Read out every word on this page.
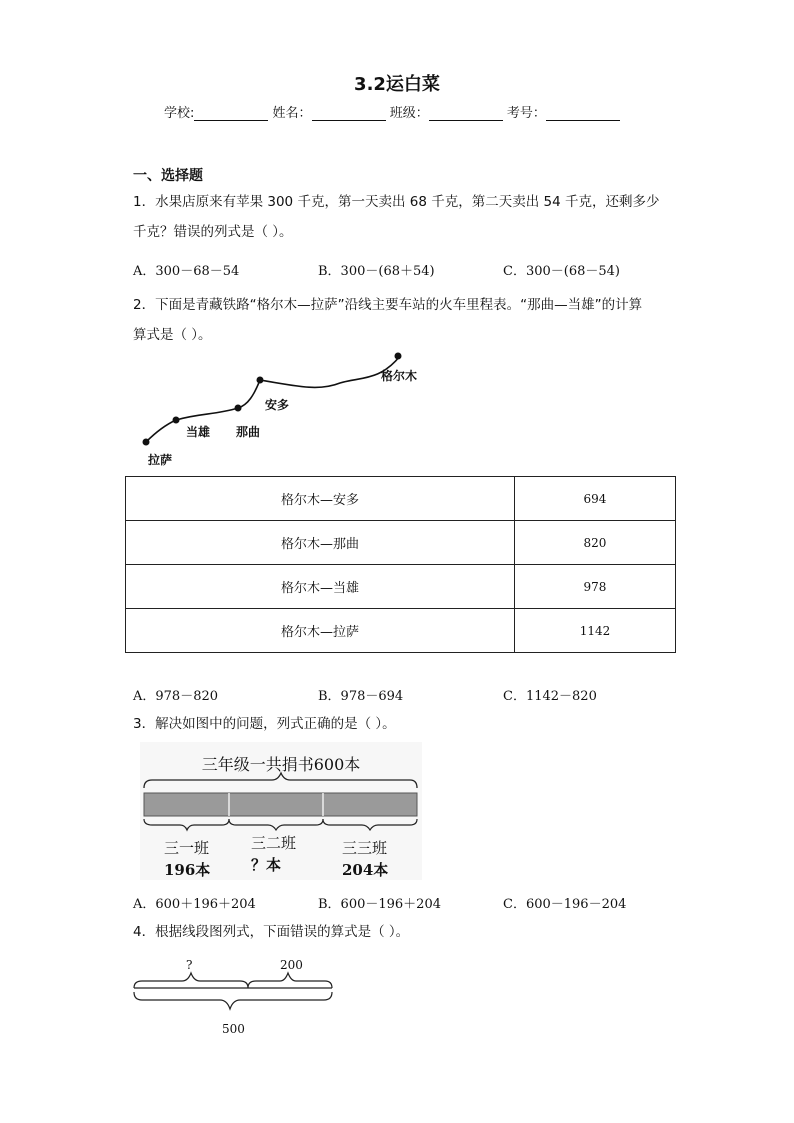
3.2运白菜
学校:	姓名：	班级：	考号：
一、选择题
1．水果店原来有苹果 300 千克，第一天卖出 68 千克，第二天卖出 54 千克，还剩多少
千克？错误的列式是（ ）。
A．300－68－54	B．300－(68＋54)	C．300－(68－54)
2．下面是青藏铁路“格尔木—拉萨”沿线主要车站的火车里程表。“那曲—当雄”的计算
算式是（ ）。
格尔木
安多
那曲
当雄
拉萨
格尔木—安多	694
格尔木—那曲	820
格尔木—当雄	978
格尔木—拉萨	1142
A．978－820	B．978－694	C．1142－820
3．解决如图中的问题，列式正确的是（ ）。
三年级一共捐书600本
三一班
196本
三二班
？本
三三班
204本
A．600＋196＋204	B．600－196＋204	C．600－196－204
4．根据线段图列式，下面错误的算式是（ ）。
?	200
500
